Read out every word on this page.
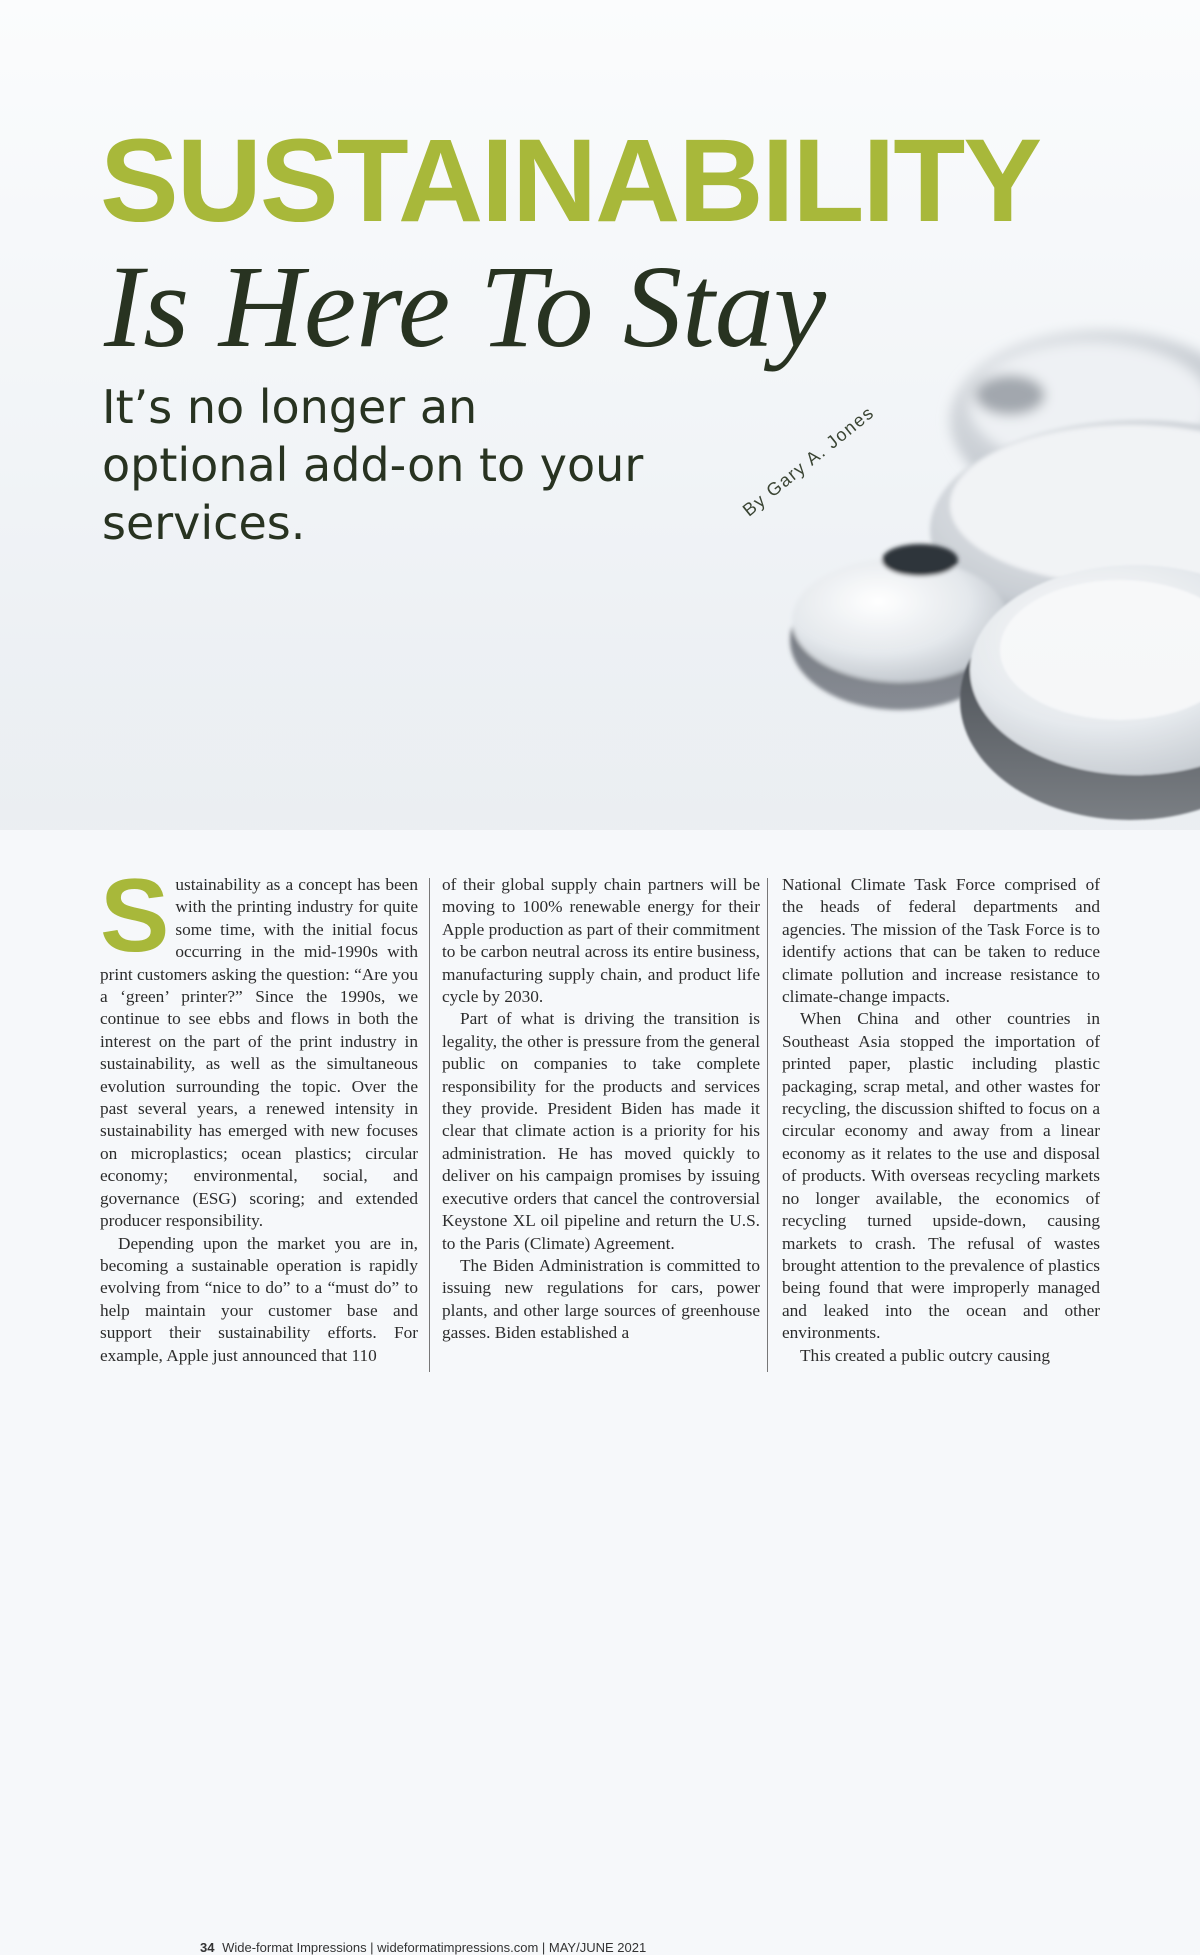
SUSTAINABILITY
Is Here To Stay

It’s no longer an optional add-on to your services.

By Gary A. Jones

Sustainability as a concept has been with the printing industry for quite some time, with the initial focus occurring in the mid-1990s with print customers asking the question: “Are you a ‘green’ printer?” Since the 1990s, we continue to see ebbs and flows in both the interest on the part of the print industry in sustainability, as well as the simultaneous evolution surrounding the topic. Over the past several years, a renewed intensity in sustainability has emerged with new focuses on microplastics; ocean plastics; circular economy; environmental, social, and governance (ESG) scoring; and extended producer responsibility.

Depending upon the market you are in, becoming a sustainable operation is rapidly evolving from “nice to do” to a “must do” to help maintain your customer base and support their sustainability efforts. For example, Apple just announced that 110

of their global supply chain partners will be moving to 100% renewable energy for their Apple production as part of their commitment to be carbon neutral across its entire business, manufacturing supply chain, and product life cycle by 2030.

Part of what is driving the transition is legality, the other is pressure from the general public on companies to take complete responsibility for the products and services they provide. President Biden has made it clear that climate action is a priority for his administration. He has moved quickly to deliver on his campaign promises by issuing executive orders that cancel the controversial Keystone XL oil pipeline and return the U.S. to the Paris (Climate) Agreement.

The Biden Administration is committed to issuing new regulations for cars, power plants, and other large sources of greenhouse gasses. Biden established a

National Climate Task Force comprised of the heads of federal departments and agencies. The mission of the Task Force is to identify actions that can be taken to reduce climate pollution and increase resistance to climate-change impacts.

When China and other countries in Southeast Asia stopped the importation of printed paper, plastic including plastic packaging, scrap metal, and other wastes for recycling, the discussion shifted to focus on a circular economy and away from a linear economy as it relates to the use and disposal of products. With overseas recycling markets no longer available, the economics of recycling turned upside-down, causing markets to crash. The refusal of wastes brought attention to the prevalence of plastics being found that were improperly managed and leaked into the ocean and other environments.

This created a public outcry causing

34 Wide-format Impressions | wideformatimpressions.com | MAY/JUNE 2021
